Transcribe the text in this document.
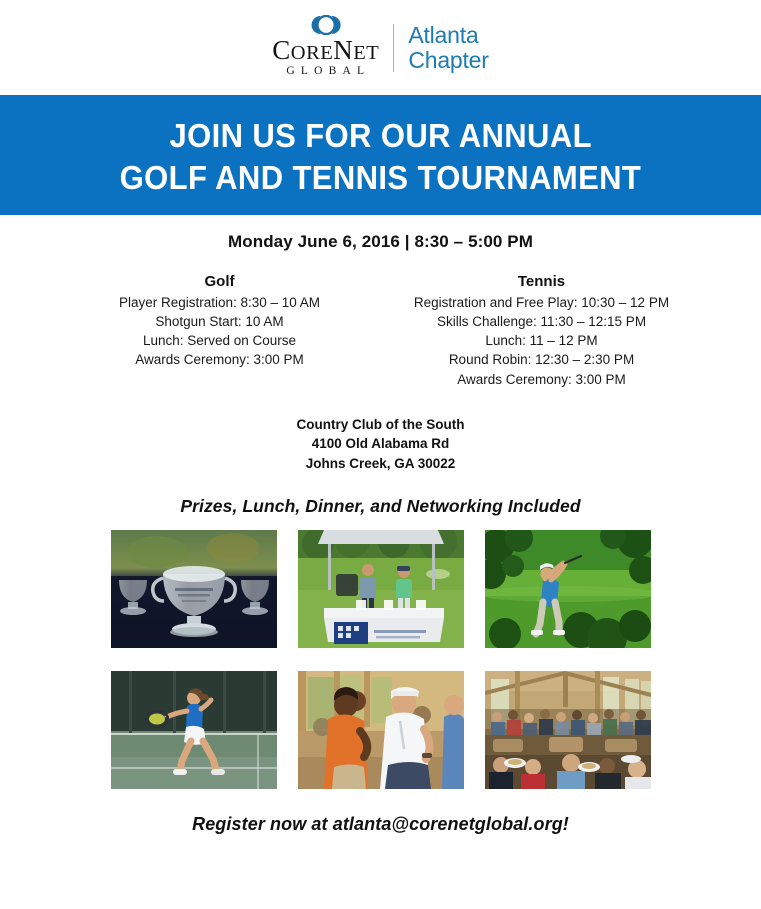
CORENET
GLOBAL
Atlanta
Chapter
JOIN US FOR OUR ANNUAL
GOLF AND TENNIS TOURNAMENT
Monday June 6, 2016 | 8:30 – 5:00 PM
Golf
Player Registration: 8:30 – 10 AM
Shotgun Start: 10 AM
Lunch: Served on Course
Awards Ceremony: 3:00 PM
Tennis
Registration and Free Play: 10:30 – 12 PM
Skills Challenge: 11:30 – 12:15 PM
Lunch: 11 – 12 PM
Round Robin: 12:30 – 2:30 PM
Awards Ceremony: 3:00 PM
Country Club of the South
4100 Old Alabama Rd
Johns Creek, GA 30022
Prizes, Lunch, Dinner, and Networking Included
Register now at atlanta@corenetglobal.org!
